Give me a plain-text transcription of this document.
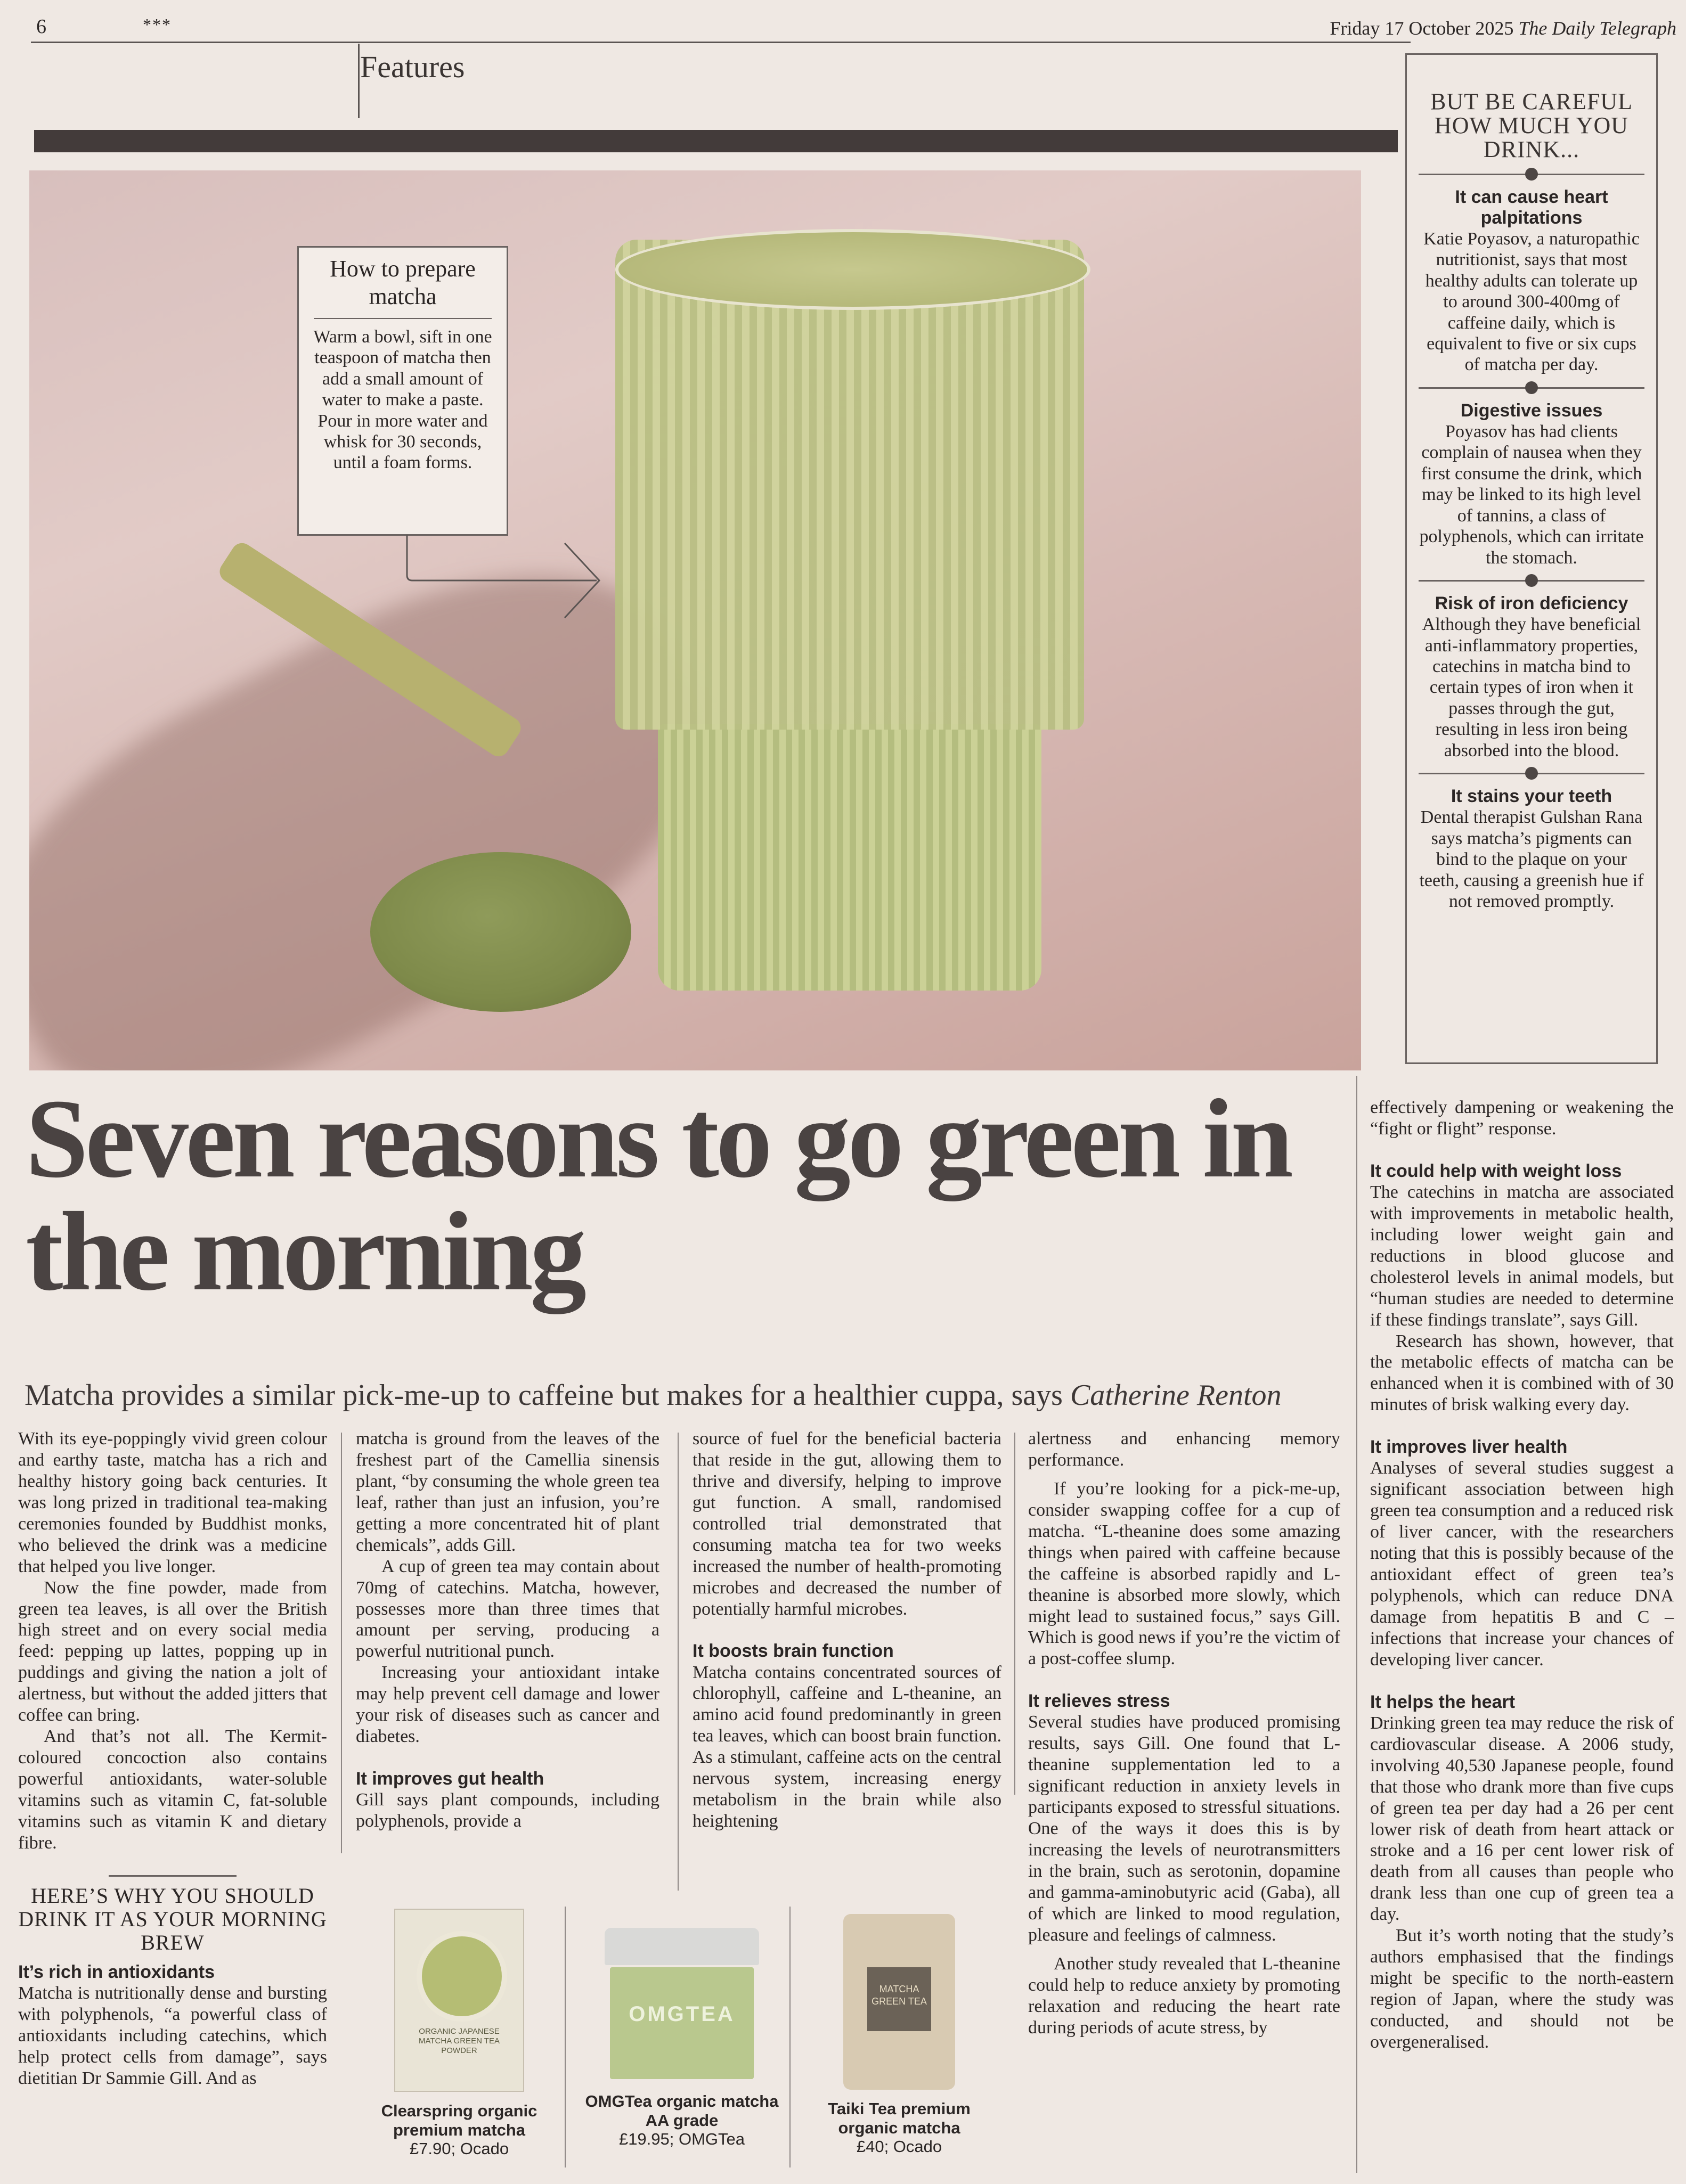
6	***	Friday 17 October 2025 The Daily Telegraph
Features
How to prepare matcha

Warm a bowl, sift in one teaspoon of matcha then add a small amount of water to make a paste. Pour in more water and whisk for 30 seconds, until a foam forms.

BUT BE CAREFUL HOW MUCH YOU DRINK...
It can cause heart palpitations

Katie Poyasov, a naturopathic nutritionist, says that most healthy adults can tolerate up to around 300-400mg of caffeine daily, which is equivalent to five or six cups of matcha per day.

Digestive issues

Poyasov has had clients complain of nausea when they first consume the drink, which may be linked to its high level of tannins, a class of polyphenols, which can irritate the stomach.

Risk of iron deficiency

Although they have beneficial anti-inflammatory properties, catechins in matcha bind to certain types of iron when it passes through the gut, resulting in less iron being absorbed into the blood.

It stains your teeth

Dental therapist Gulshan Rana says matcha’s pigments can bind to the plaque on your teeth, causing a greenish hue if not removed promptly.

Seven reasons to go green in the morning

Matcha provides a similar pick-me-up to caffeine but makes for a healthier cuppa, says Catherine Renton

With its eye-poppingly vivid green colour and earthy taste, matcha has a rich and healthy history going back centuries. It was long prized in traditional tea-making ceremonies founded by Buddhist monks, who believed the drink was a medicine that helped you live longer.

Now the fine powder, made from green tea leaves, is all over the British high street and on every social media feed: pepping up lattes, popping up in puddings and giving the nation a jolt of alertness, but without the added jitters that coffee can bring.

And that’s not all. The Kermit-coloured concoction also contains powerful antioxidants, water-soluble vitamins such as vitamin C, fat-soluble vitamins such as vitamin K and dietary fibre.

HERE’S WHY YOU SHOULD DRINK IT AS YOUR MORNING BREW
It’s rich in antioxidants

Matcha is nutritionally dense and bursting with polyphenols, “a powerful class of antioxidants including catechins, which help protect cells from damage”, says dietitian Dr Sammie Gill. And as

matcha is ground from the leaves of the freshest part of the Camellia sinensis plant, “by consuming the whole green tea leaf, rather than just an infusion, you’re getting a more concentrated hit of plant chemicals”, adds Gill.

A cup of green tea may contain about 70mg of catechins. Matcha, however, possesses more than three times that amount per serving, producing a powerful nutritional punch.

Increasing your antioxidant intake may help prevent cell damage and lower your risk of diseases such as cancer and diabetes.

It improves gut health

Gill says plant compounds, including polyphenols, provide a

source of fuel for the beneficial bacteria that reside in the gut, allowing them to thrive and diversify, helping to improve gut function. A small, randomised controlled trial demonstrated that consuming matcha tea for two weeks increased the number of health-promoting microbes and decreased the number of potentially harmful microbes.

It boosts brain function

Matcha contains concentrated sources of chlorophyll, caffeine and L-theanine, an amino acid found predominantly in green tea leaves, which can boost brain function. As a stimulant, caffeine acts on the central nervous system, increasing energy metabolism in the brain while also heightening

alertness and enhancing memory performance.

If you’re looking for a pick-me-up, consider swapping coffee for a cup of matcha. “L-theanine does some amazing things when paired with caffeine because the caffeine is absorbed rapidly and L-theanine is absorbed more slowly, which might lead to sustained focus,” says Gill. Which is good news if you’re the victim of a post-coffee slump.

It relieves stress

Several studies have produced promising results, says Gill. One found that L-theanine supplementation led to a significant reduction in anxiety levels in participants exposed to stressful situations. One of the ways it does this is by increasing the levels of neurotransmitters in the brain, such as serotonin, dopamine and gamma-aminobutyric acid (Gaba), all of which are linked to mood regulation, pleasure and feelings of calmness.

Another study revealed that L-theanine could help to reduce anxiety by promoting relaxation and reducing the heart rate during periods of acute stress, by

effectively dampening or weakening the “fight or flight” response.

It could help with weight loss

The catechins in matcha are associated with improvements in metabolic health, including lower weight gain and reductions in blood glucose and cholesterol levels in animal models, but “human studies are needed to determine if these findings translate”, says Gill.

Research has shown, however, that the metabolic effects of matcha can be enhanced when it is combined with of 30 minutes of brisk walking every day.

It improves liver health

Analyses of several studies suggest a significant association between high green tea consumption and a reduced risk of liver cancer, with the researchers noting that this is possibly because of the antioxidant effect of green tea’s polyphenols, which can reduce DNA damage from hepatitis B and C – infections that increase your chances of developing liver cancer.

It helps the heart

Drinking green tea may reduce the risk of cardiovascular disease. A 2006 study, involving 40,530 Japanese people, found that those who drank more than five cups of green tea per day had a 26 per cent lower risk of death from heart attack or stroke and a 16 per cent lower risk of death from all causes than people who drank less than one cup of green tea a day.

But it’s worth noting that the study’s authors emphasised that the findings might be specific to the north-eastern region of Japan, where the study was conducted, and should not be overgeneralised.

ORGANIC JAPANESE MATCHA GREEN TEA POWDER
Clearspring organic premium matcha
£7.90; Ocado
OMGTEA
OMGTea organic matcha AA grade
£19.95; OMGTea
MATCHA GREEN TEA
Taiki Tea premium organic matcha
£40; Ocado
